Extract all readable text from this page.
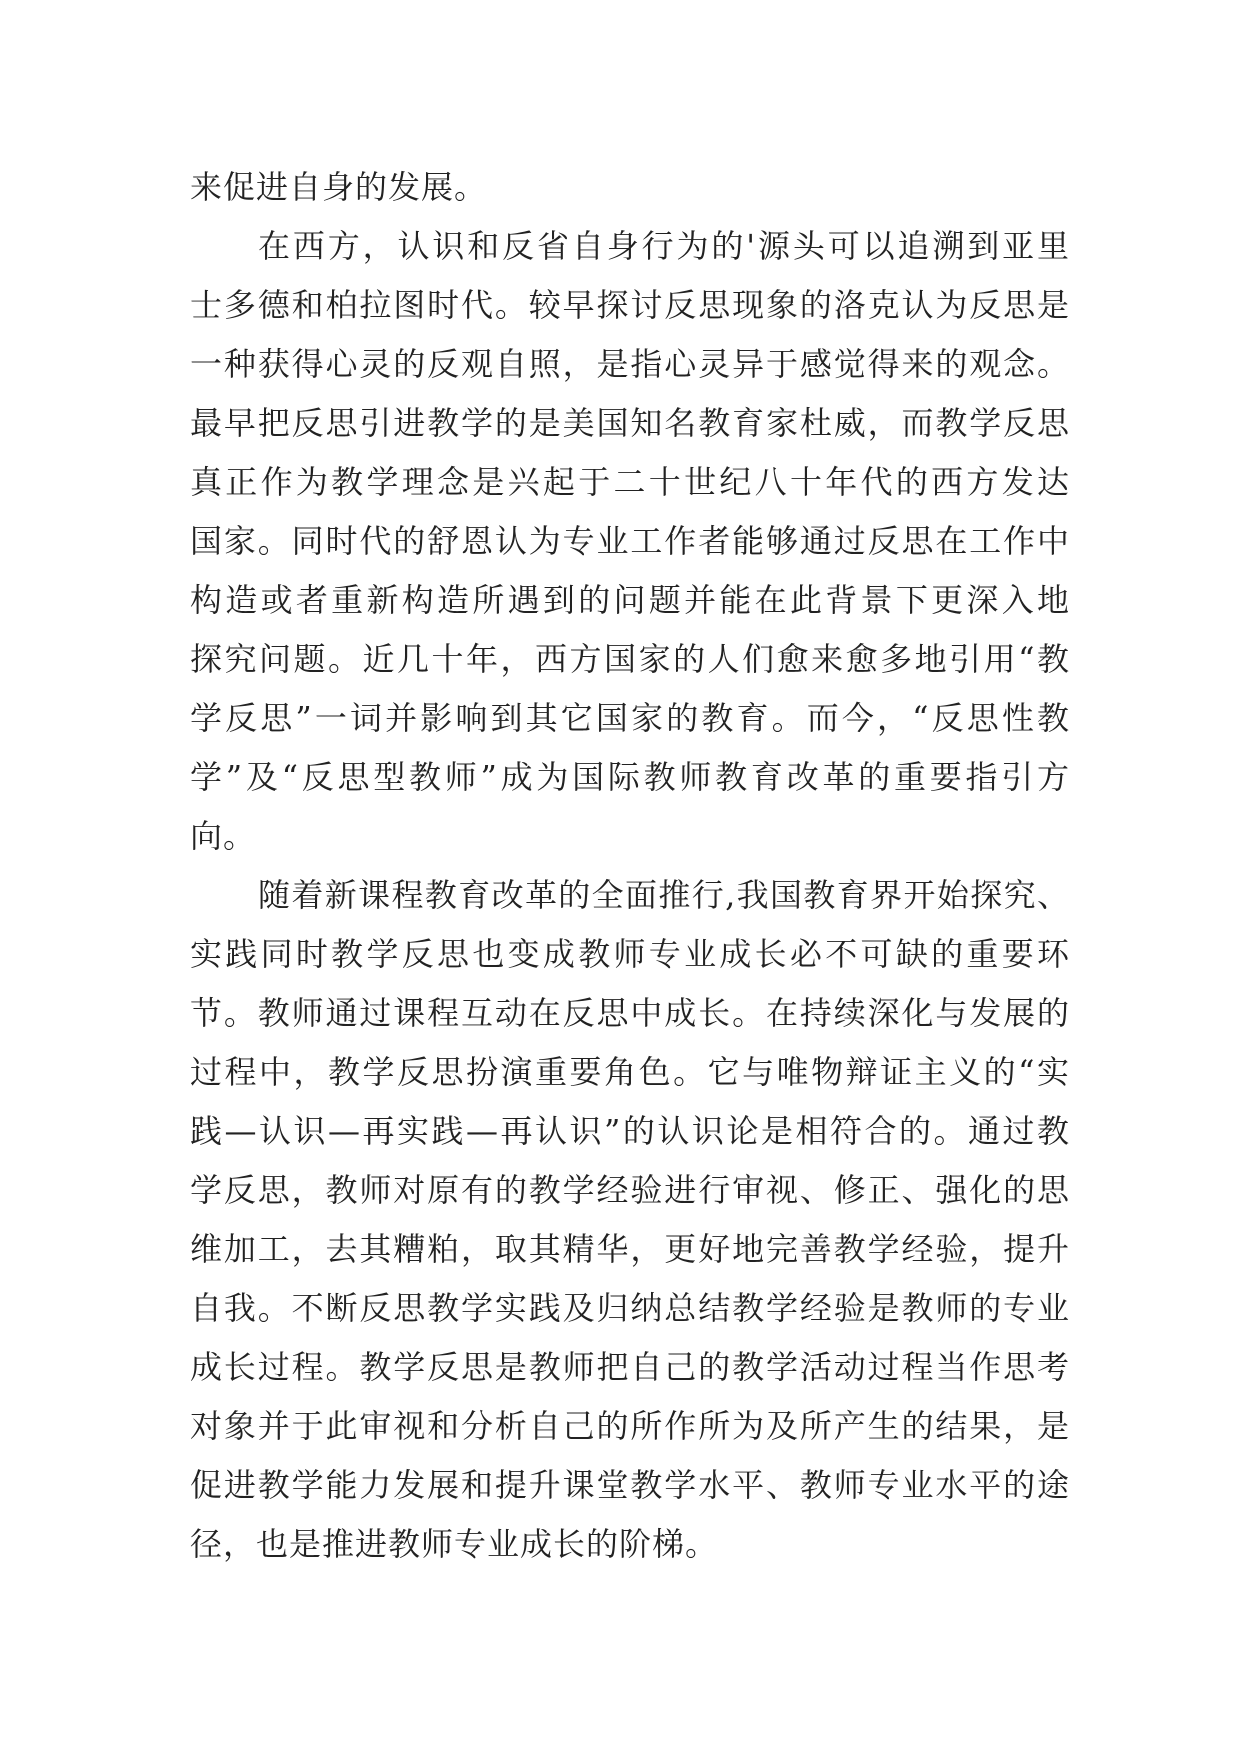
来促进自身的发展。
在西方，认识和反省自身行为的'源头可以追溯到亚里
士多德和柏拉图时代。较早探讨反思现象的洛克认为反思是
一种获得心灵的反观自照，是指心灵异于感觉得来的观念。
最早把反思引进教学的是美国知名教育家杜威，而教学反思
真正作为教学理念是兴起于二十世纪八十年代的西方发达
国家。同时代的舒恩认为专业工作者能够通过反思在工作中
构造或者重新构造所遇到的问题并能在此背景下更深入地
探究问题。近几十年，西方国家的人们愈来愈多地引用“教
学反思”一词并影响到其它国家的教育。而今，“反思性教
学”及“反思型教师”成为国际教师教育改革的重要指引方
向。
随着新课程教育改革的全面推行,我国教育界开始探究、
实践同时教学反思也变成教师专业成长必不可缺的重要环
节。教师通过课程互动在反思中成长。在持续深化与发展的
过程中，教学反思扮演重要角色。它与唯物辩证主义的“实
践—认识—再实践—再认识”的认识论是相符合的。通过教
学反思，教师对原有的教学经验进行审视、修正、强化的思
维加工，去其糟粕，取其精华，更好地完善教学经验，提升
自我。不断反思教学实践及归纳总结教学经验是教师的专业
成长过程。教学反思是教师把自己的教学活动过程当作思考
对象并于此审视和分析自己的所作所为及所产生的结果，是
促进教学能力发展和提升课堂教学水平、教师专业水平的途
径，也是推进教师专业成长的阶梯。
